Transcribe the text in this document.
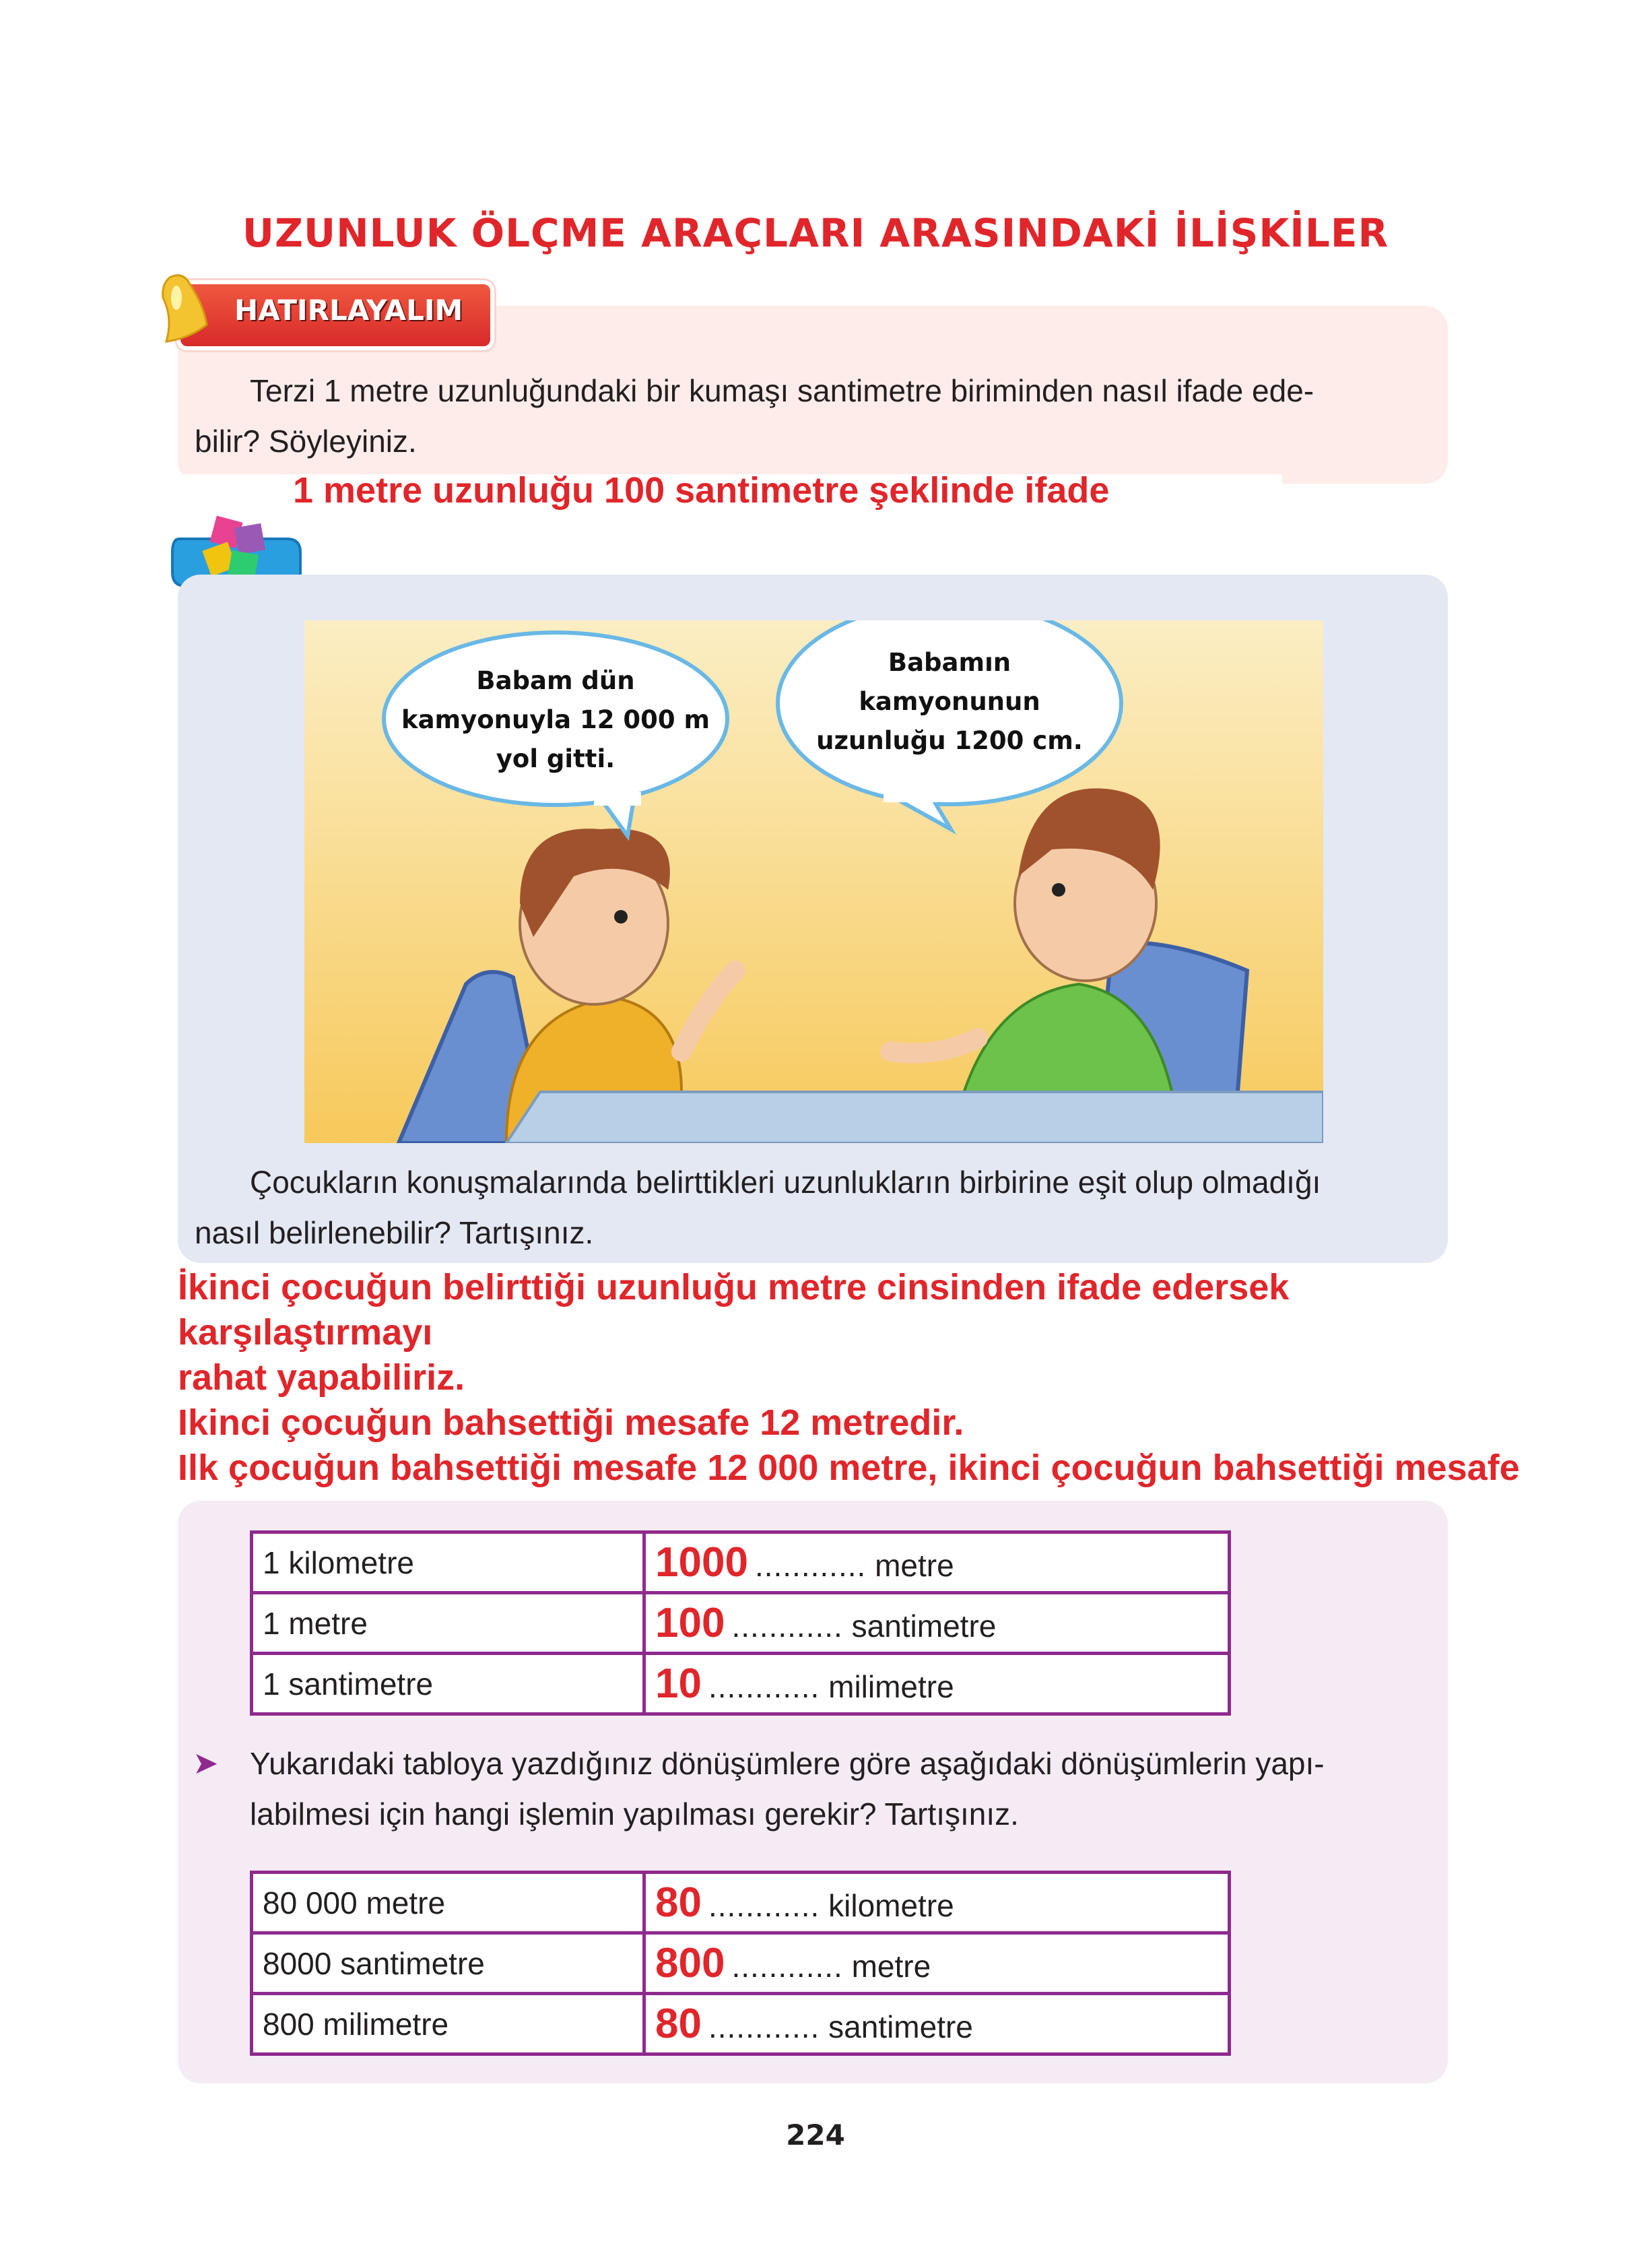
UZUNLUK ÖLÇME ARAÇLARI ARASINDAKİ İLİŞKİLER
HATIRLAYALIM
Terzi 1 metre uzunluğundaki bir kumaşı santimetre biriminden nasıl ifade ede-
bilir? Söyleyiniz.
1 metre uzunluğu 100 santimetre şeklinde ifade
Babam dün
kamyonuyla 12 000 m
yol gitti.
Babamın
kamyonunun
uzunluğu 1200 cm.
Çocukların konuşmalarında belirttikleri uzunlukların birbirine eşit olup olmadığı
nasıl belirlenebilir? Tartışınız.
İkinci çocuğun belirttiği uzunluğu metre cinsinden ifade edersek
karşılaştırmayı
rahat yapabiliriz.
Ikinci çocuğun bahsettiği mesafe 12 metredir.
Ilk çocuğun bahsettiği mesafe 12 000 metre, ikinci çocuğun bahsettiği mesafe
1 kilometre	1000 ............ metre
1 metre	100 ............ santimetre
1 santimetre	10 ............ milimetre
➤ Yukarıdaki tabloya yazdığınız dönüşümlere göre aşağıdaki dönüşümlerin yapı-
labilmesi için hangi işlemin yapılması gerekir? Tartışınız.
80 000 metre	80 ............ kilometre
8000 santimetre	800 ............ metre
800 milimetre	80 ............ santimetre
224
